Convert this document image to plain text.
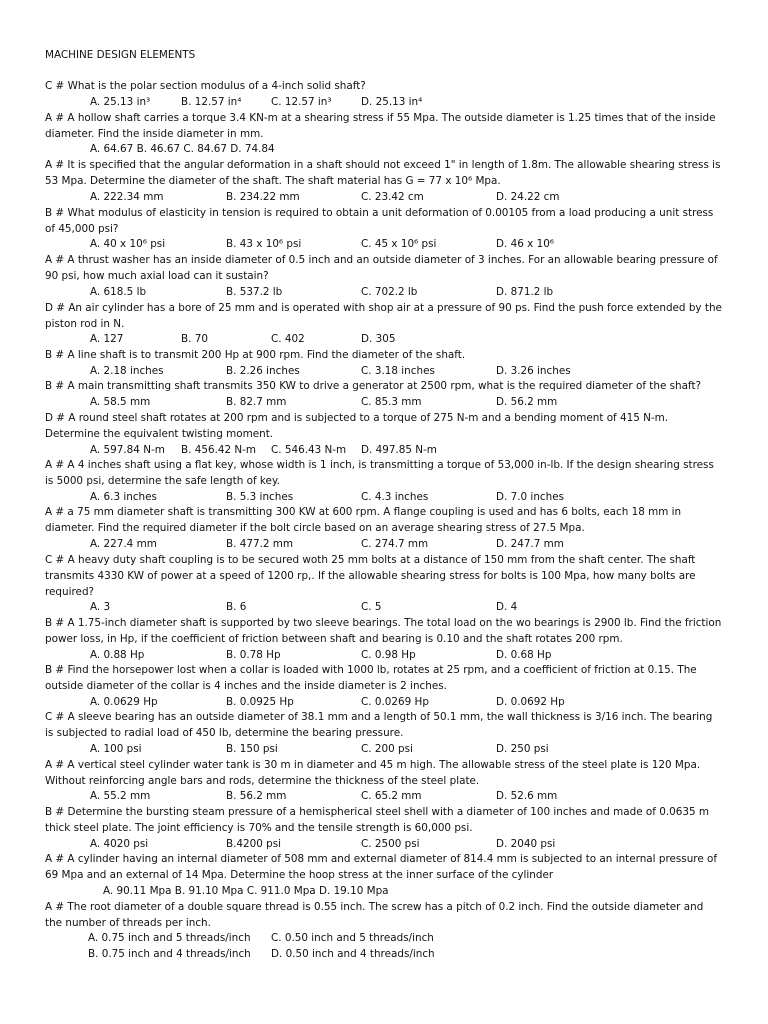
MACHINE DESIGN ELEMENTS
C # What is the polar section modulus of a 4-inch solid shaft?
A. 25.13 in³	B. 12.57 in⁴	C. 12.57 in³	D. 25.13 in⁴
A # A hollow shaft carries a torque 3.4 KN-m at a shearing stress if 55 Mpa. The outside diameter is 1.25 times that of the inside diameter. Find the inside diameter in mm.
A. 64.67 B. 46.67 C. 84.67 D. 74.84
A # It is specified that the angular deformation in a shaft should not exceed 1" in length of 1.8m. The allowable shearing stress is 53 Mpa. Determine the diameter of the shaft. The shaft material has G = 77 x 10⁶ Mpa.
A. 222.34 mm	B. 234.22 mm	C. 23.42 cm	D. 24.22 cm
B # What modulus of elasticity in tension is required to obtain a unit deformation of 0.00105 from a load producing a unit stress of 45,000 psi?
A. 40 x 10⁶ psi	B. 43 x 10⁶ psi	C. 45 x 10⁶ psi	D. 46 x 10⁶
A # A thrust washer has an inside diameter of 0.5 inch and an outside diameter of 3 inches. For an allowable bearing pressure of 90 psi, how much axial load can it sustain?
A. 618.5 lb	B. 537.2 lb	C. 702.2 lb	D. 871.2 lb
D # An air cylinder has a bore of 25 mm and is operated with shop air at a pressure of 90 ps. Find the push force extended by the piston rod in N.
A. 127	B. 70	C. 402	D. 305
B # A line shaft is to transmit 200 Hp at 900 rpm. Find the diameter of the shaft.
A. 2.18 inches	B. 2.26 inches	C. 3.18 inches	D. 3.26 inches
B # A main transmitting shaft transmits 350 KW to drive a generator at 2500 rpm, what is the required diameter of the shaft?
A. 58.5 mm	B. 82.7 mm	C. 85.3 mm	D. 56.2 mm
D # A round steel shaft rotates at 200 rpm and is subjected to a torque of 275 N-m and a bending moment of 415 N-m. Determine the equivalent twisting moment.
A. 597.84 N-m B. 456.42 N-m C. 546.43 N-m D. 497.85 N-m
A # A 4 inches shaft using a flat key, whose width is 1 inch, is transmitting a torque of 53,000 in-lb. If the design shearing stress is 5000 psi, determine the safe length of key.
A. 6.3 inches	B. 5.3 inches	C. 4.3 inches	D. 7.0 inches
A # a 75 mm diameter shaft is transmitting 300 KW at 600 rpm. A flange coupling is used and has 6 bolts, each 18 mm in diameter. Find the required diameter if the bolt circle based on an average shearing stress of 27.5 Mpa.
A. 227.4 mm	B. 477.2 mm	C. 274.7 mm	D. 247.7 mm
C # A heavy duty shaft coupling is to be secured woth 25 mm bolts at a distance of 150 mm from the shaft center. The shaft transmits 4330 KW of power at a speed of 1200 rp,. If the allowable shearing stress for bolts is 100 Mpa, how many bolts are required?
A. 3	B. 6	C. 5	D. 4
B # A 1.75-inch diameter shaft is supported by two sleeve bearings. The total load on the wo bearings is 2900 lb. Find the friction power loss, in Hp, if the coefficient of friction between shaft and bearing is 0.10 and the shaft rotates 200 rpm.
A. 0.88 Hp	B. 0.78 Hp	C. 0.98 Hp	D. 0.68 Hp
B # Find the horsepower lost when a collar is loaded with 1000 lb, rotates at 25 rpm, and a coefficient of friction at 0.15. The outside diameter of the collar is 4 inches and the inside diameter is 2 inches.
A. 0.0629 Hp	B. 0.0925 Hp	C. 0.0269 Hp	D. 0.0692 Hp
C # A sleeve bearing has an outside diameter of 38.1 mm and a length of 50.1 mm, the wall thickness is 3/16 inch. The bearing is subjected to radial load of 450 lb, determine the bearing pressure.
A. 100 psi	B. 150 psi	C. 200 psi	D. 250 psi
A # A vertical steel cylinder water tank is 30 m in diameter and 45 m high. The allowable stress of the steel plate is 120 Mpa. Without reinforcing angle bars and rods, determine the thickness of the steel plate.
A. 55.2 mm	B. 56.2 mm	C. 65.2 mm	D. 52.6 mm
B # Determine the bursting steam pressure of a hemispherical steel shell with a diameter of 100 inches and made of 0.0635 m thick steel plate. The joint efficiency is 70% and the tensile strength is 60,000 psi.
A. 4020 psi	B.4200 psi	C. 2500 psi	D. 2040 psi
A # A cylinder having an internal diameter of 508 mm and external diameter of 814.4 mm is subjected to an internal pressure of 69 Mpa and an external of 14 Mpa. Determine the hoop stress at the inner surface of the cylinder
A. 90.11 Mpa B. 91.10 Mpa C. 911.0 Mpa D. 19.10 Mpa
A # The root diameter of a double square thread is 0.55 inch. The screw has a pitch of 0.2 inch. Find the outside diameter and the number of threads per inch.
A. 0.75 inch and 5 threads/inch C. 0.50 inch and 5 threads/inch
B. 0.75 inch and 4 threads/inch D. 0.50 inch and 4 threads/inch
